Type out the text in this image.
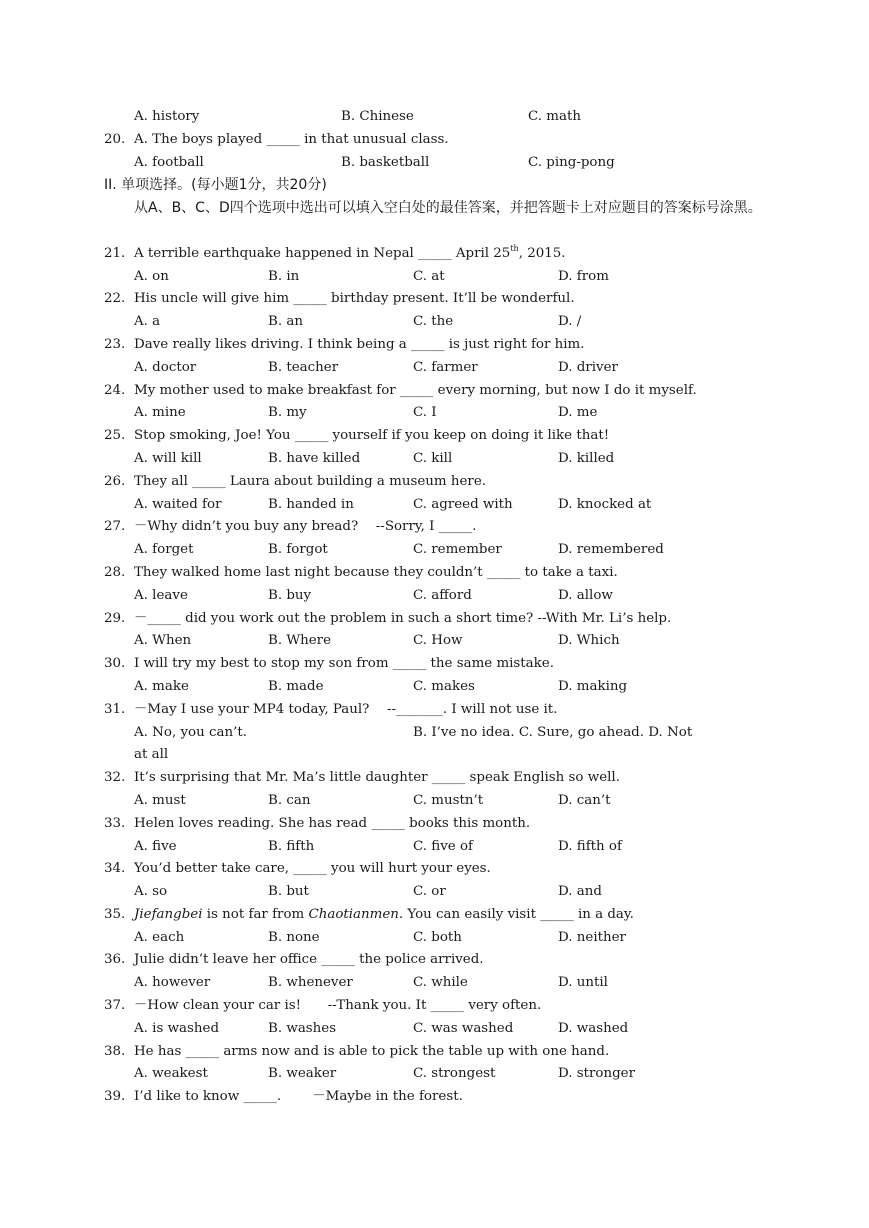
A. history	B. Chinese	C. math
20. A. The boys played _____ in that unusual class.
A. football	B. basketball	C. ping-pong
II. 单项选择。(每小题1分，共20分)
从A、B、C、D四个选项中选出可以填入空白处的最佳答案，并把答题卡上对应题目的答案标号涂黑。
21. A terrible earthquake happened in Nepal _____ April 25th, 2015.
A. on	B. in	C. at	D. from
22. His uncle will give him _____ birthday present. It’ll be wonderful.
A. a	B. an	C. the	D. /
23. Dave really likes driving. I think being a _____ is just right for him.
A. doctor	B. teacher	C. farmer	D. driver
24. My mother used to make breakfast for _____ every morning, but now I do it myself.
A. mine	B. my	C. I	D. me
25. Stop smoking, Joe! You _____ yourself if you keep on doing it like that!
A. will kill	B. have killed	C. kill	D. killed
26. They all _____ Laura about building a museum here.
A. waited for	B. handed in	C. agreed with	D. knocked at
27. －Why didn’t you buy any bread?　 --Sorry, I _____.
A. forget	B. forgot	C. remember	D. remembered
28. They walked home last night because they couldn’t _____ to take a taxi.
A. leave	B. buy	C. afford	D. allow
29. －_____ did you work out the problem in such a short time? --With Mr. Li’s help.
A. When	B. Where	C. How	D. Which
30. I will try my best to stop my son from _____ the same mistake.
A. make	B. made	C. makes	D. making
31. －May I use your MP4 today, Paul?　 --_______. I will not use it.
A. No, you can’t.	B. I’ve no idea. C. Sure, go ahead. D. Not
at all
32. It’s surprising that Mr. Ma’s little daughter _____ speak English so well.
A. must	B. can	C. mustn’t	D. can’t
33. Helen loves reading. She has read _____ books this month.
A. five	B. fifth	C. five of	D. fifth of
34. You’d better take care, _____ you will hurt your eyes.
A. so	B. but	C. or	D. and
35. Jiefangbei is not far from Chaotianmen. You can easily visit _____ in a day.
A. each	B. none	C. both	D. neither
36. Julie didn’t leave her office _____ the police arrived.
A. however	B. whenever	C. while	D. until
37. －How clean your car is!　　--Thank you. It _____ very often.
A. is washed	B. washes	C. was washed	D. washed
38. He has _____ arms now and is able to pick the table up with one hand.
A. weakest	B. weaker	C. strongest	D. stronger
39. I’d like to know _____.　　 －Maybe in the forest.
